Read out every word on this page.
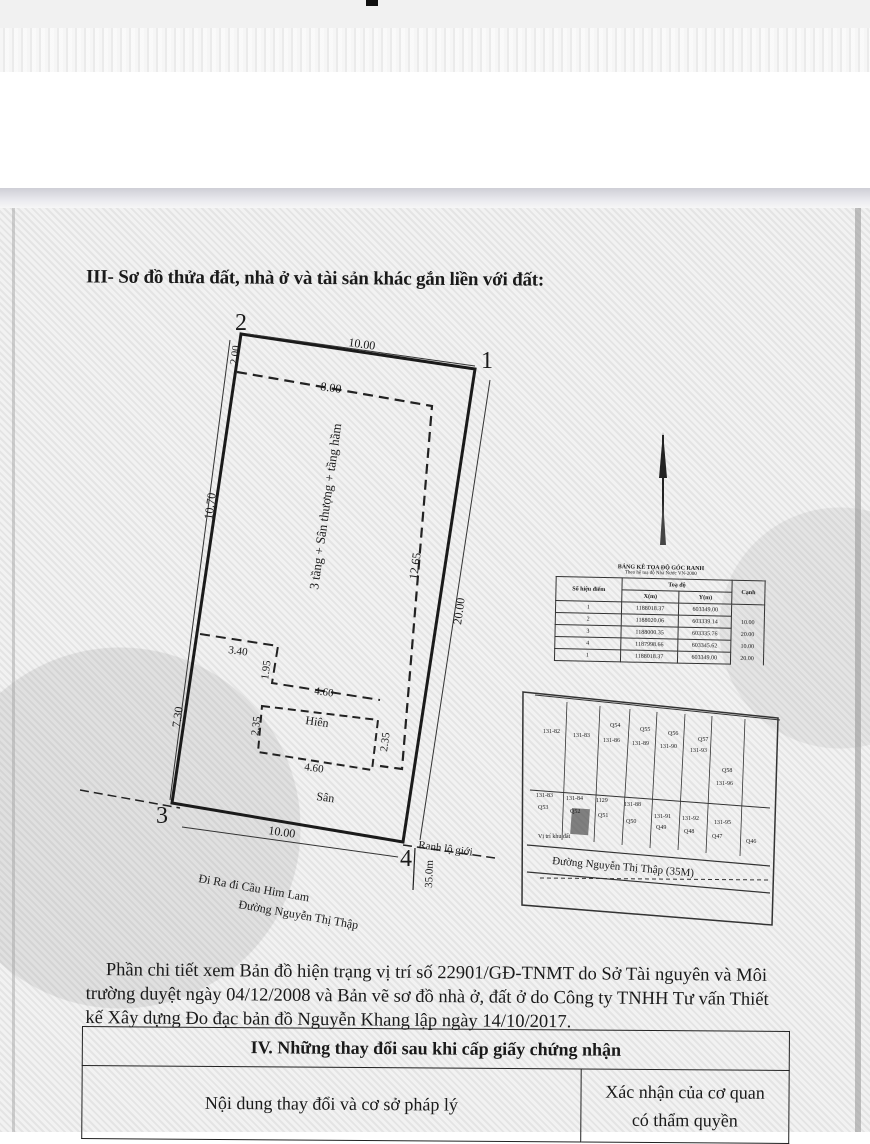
III- Sơ đồ thửa đất, nhà ở và tài sản khác gắn liền với đất:
2
1
3
4
10.00
8.00
2.00
10.70
7.30
20.00
12.65
10.00
3.40
1.95
4.60
4.60
2.35
2.35
35.0m
3 tầng + Sân thượng + tầng hầm
Hiên
Sân
Ranh lộ giới
Đi Ra đi Cầu Him Lam
Đường Nguyễn Thị Thập
131-82
131-83
Q54
Q55
Q56
Q57
131-86 131-89 131-90
131-93
Q58
131-96
131-83 131-84 1129
131-88
131-91 131-92
131-95
Q53
Q52
Q51
Q50
Q49
Q48
Q47
Q46
Vị trí khu đất
Đường Nguyễn Thị Thập (35M)
BẢNG KÊ TỌA ĐỘ GÓC RANH
Theo hệ toạ độ Nhà Nước VN-2000
Số hiệu điểm	Toạ độ		Cạnh
	X(m)	Y(m)	
1	1188018.37	603349.00	
2	1188020.06	603339.14	10.00
3	1188000.35	603335.76	20.00
4	1187998.66	603345.62	10.00
1	1188018.37	603349.00	20.00
Phần chi tiết xem Bản đồ hiện trạng vị trí số 22901/GĐ-TNMT do Sở Tài nguyên và Môi trường duyệt ngày 04/12/2008 và Bản vẽ sơ đồ nhà ở, đất ở do Công ty TNHH Tư vấn Thiết kế Xây dựng Đo đạc bản đồ Nguyễn Khang lập ngày 14/10/2017.
IV. Những thay đổi sau khi cấp giấy chứng nhận
Nội dung thay đổi và cơ sở pháp lý	Xác nhận của cơ quan
có thẩm quyền
